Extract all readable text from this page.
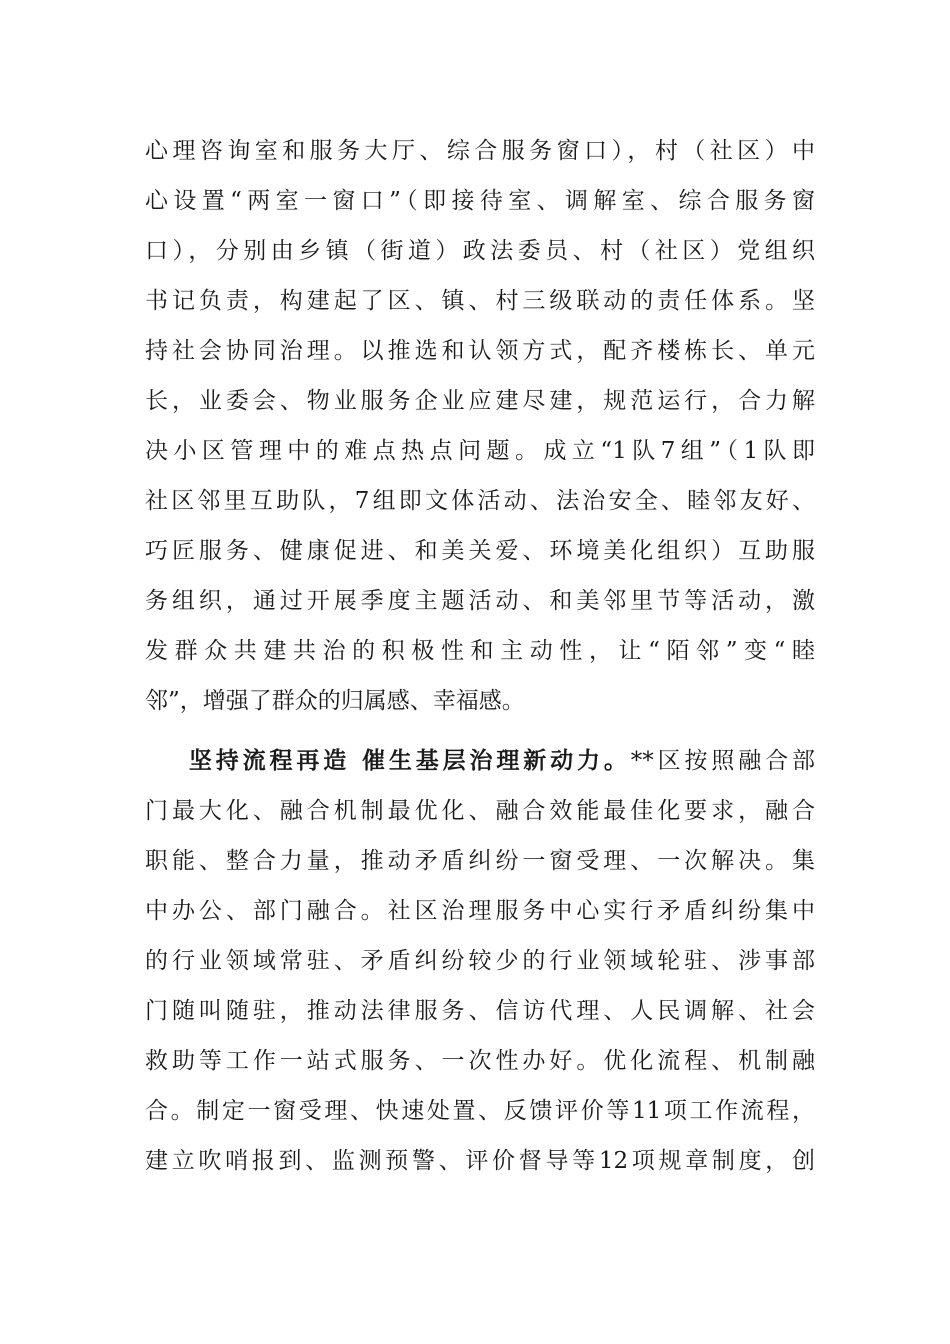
心理咨询室和服务大厅、综合服务窗口），村（社区）中
心设置“两室一窗口”（即接待室、调解室、综合服务窗
口），分别由乡镇（街道）政法委员、村（社区）党组织
书记负责，构建起了区、镇、村三级联动的责任体系。坚
持社会协同治理。以推选和认领方式，配齐楼栋长、单元
长，业委会、物业服务企业应建尽建，规范运行，合力解
决小区管理中的难点热点问题。成立“1队7组”（1队即
社区邻里互助队，7组即文体活动、法治安全、睦邻友好、
巧匠服务、健康促进、和美关爱、环境美化组织）互助服
务组织，通过开展季度主题活动、和美邻里节等活动，激
发群众共建共治的积极性和主动性，让“陌邻”变“睦
邻”，增强了群众的归属感、幸福感。
坚持流程再造 催生基层治理新动力。**区按照融合部
门最大化、融合机制最优化、融合效能最佳化要求，融合
职能、整合力量，推动矛盾纠纷一窗受理、一次解决。集
中办公、部门融合。社区治理服务中心实行矛盾纠纷集中
的行业领域常驻、矛盾纠纷较少的行业领域轮驻、涉事部
门随叫随驻，推动法律服务、信访代理、人民调解、社会
救助等工作一站式服务、一次性办好。优化流程、机制融
合。制定一窗受理、快速处置、反馈评价等11项工作流程，
建立吹哨报到、监测预警、评价督导等12项规章制度，创
